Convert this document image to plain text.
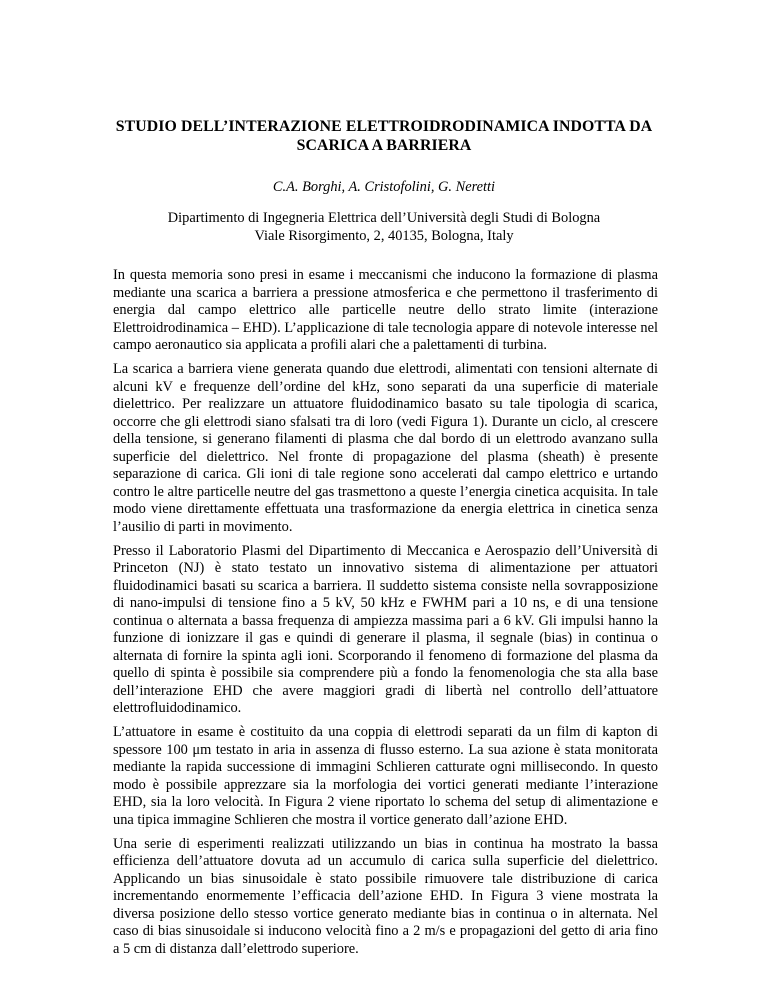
STUDIO DELL’INTERAZIONE ELETTROIDRODINAMICA INDOTTA DA SCARICA A BARRIERA
C.A. Borghi, A. Cristofolini, G. Neretti
Dipartimento di Ingegneria Elettrica dell’Università degli Studi di Bologna
Viale Risorgimento, 2, 40135, Bologna, Italy

In questa memoria sono presi in esame i meccanismi che inducono la formazione di plasma mediante una scarica a barriera a pressione atmosferica e che permettono il trasferimento di energia dal campo elettrico alle particelle neutre dello strato limite (interazione Elettroidrodinamica – EHD). L’applicazione di tale tecnologia appare di notevole interesse nel campo aeronautico sia applicata a profili alari che a palettamenti di turbina.

La scarica a barriera viene generata quando due elettrodi, alimentati con tensioni alternate di alcuni kV e frequenze dell’ordine del kHz, sono separati da una superficie di materiale dielettrico. Per realizzare un attuatore fluidodinamico basato su tale tipologia di scarica, occorre che gli elettrodi siano sfalsati tra di loro (vedi Figura 1). Durante un ciclo, al crescere della tensione, si generano filamenti di plasma che dal bordo di un elettrodo avanzano sulla superficie del dielettrico. Nel fronte di propagazione del plasma (sheath) è presente separazione di carica. Gli ioni di tale regione sono accelerati dal campo elettrico e urtando contro le altre particelle neutre del gas trasmettono a queste l’energia cinetica acquisita. In tale modo viene direttamente effettuata una trasformazione da energia elettrica in cinetica senza l’ausilio di parti in movimento.

Presso il Laboratorio Plasmi del Dipartimento di Meccanica e Aerospazio dell’Università di Princeton (NJ) è stato testato un innovativo sistema di alimentazione per attuatori fluidodinamici basati su scarica a barriera. Il suddetto sistema consiste nella sovrapposizione di nano-impulsi di tensione fino a 5 kV, 50 kHz e FWHM pari a 10 ns, e di una tensione continua o alternata a bassa frequenza di ampiezza massima pari a 6 kV. Gli impulsi hanno la funzione di ionizzare il gas e quindi di generare il plasma, il segnale (bias) in continua o alternata di fornire la spinta agli ioni. Scorporando il fenomeno di formazione del plasma da quello di spinta è possibile sia comprendere più a fondo la fenomenologia che sta alla base dell’interazione EHD che avere maggiori gradi di libertà nel controllo dell’attuatore elettrofluidodinamico.

L’attuatore in esame è costituito da una coppia di elettrodi separati da un film di kapton di spessore 100 μm testato in aria in assenza di flusso esterno. La sua azione è stata monitorata mediante la rapida successione di immagini Schlieren catturate ogni millisecondo. In questo modo è possibile apprezzare sia la morfologia dei vortici generati mediante l’interazione EHD, sia la loro velocità. In Figura 2 viene riportato lo schema del setup di alimentazione e una tipica immagine Schlieren che mostra il vortice generato dall’azione EHD.

Una serie di esperimenti realizzati utilizzando un bias in continua ha mostrato la bassa efficienza dell’attuatore dovuta ad un accumulo di carica sulla superficie del dielettrico. Applicando un bias sinusoidale è stato possibile rimuovere tale distribuzione di carica incrementando enormemente l’efficacia dell’azione EHD. In Figura 3 viene mostrata la diversa posizione dello stesso vortice generato mediante bias in continua o in alternata. Nel caso di bias sinusoidale si inducono velocità fino a 2 m/s e propagazioni del getto di aria fino a 5 cm di distanza dall’elettrodo superiore.
